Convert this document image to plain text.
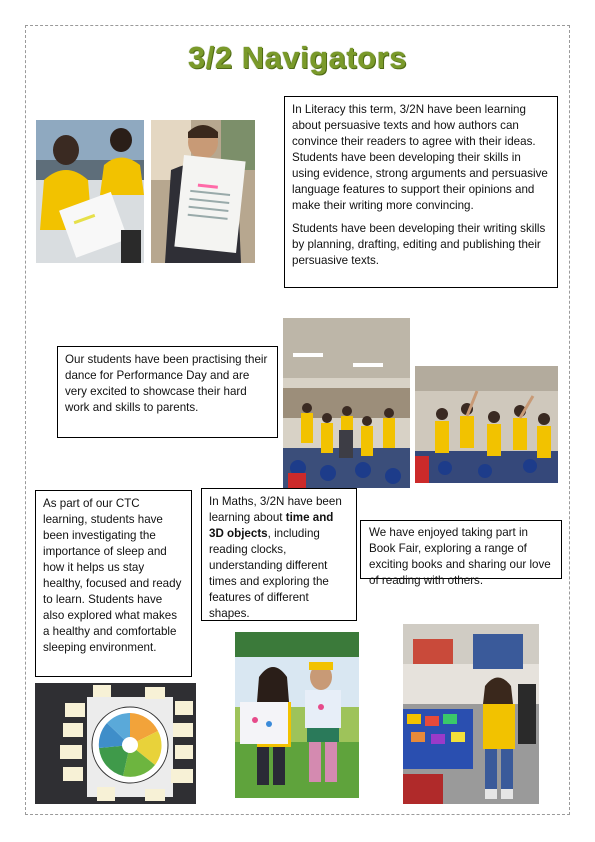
3/2 Navigators

In Literacy this term, 3/2N have been learning about persuasive texts and how authors can convince their readers to agree with their ideas. Students have been developing their skills in using evidence, strong arguments and persuasive language features to support their opinions and make their writing more convincing.

Students have been developing their writing skills by planning, drafting, editing and publishing their persuasive texts.

Our students have been practising their dance for Performance Day and are very excited to showcase their hard work and skills to parents.

As part of our CTC learning, students have been investigating the importance of sleep and how it helps us stay healthy, focused and ready to learn. Students have also explored what makes a healthy and comfortable sleeping environment.

In Maths, 3/2N have been learning about time and 3D objects, including reading clocks, understanding different times and exploring the features of different shapes.

We have enjoyed taking part in Book Fair, exploring a range of exciting books and sharing our love of reading with others.
